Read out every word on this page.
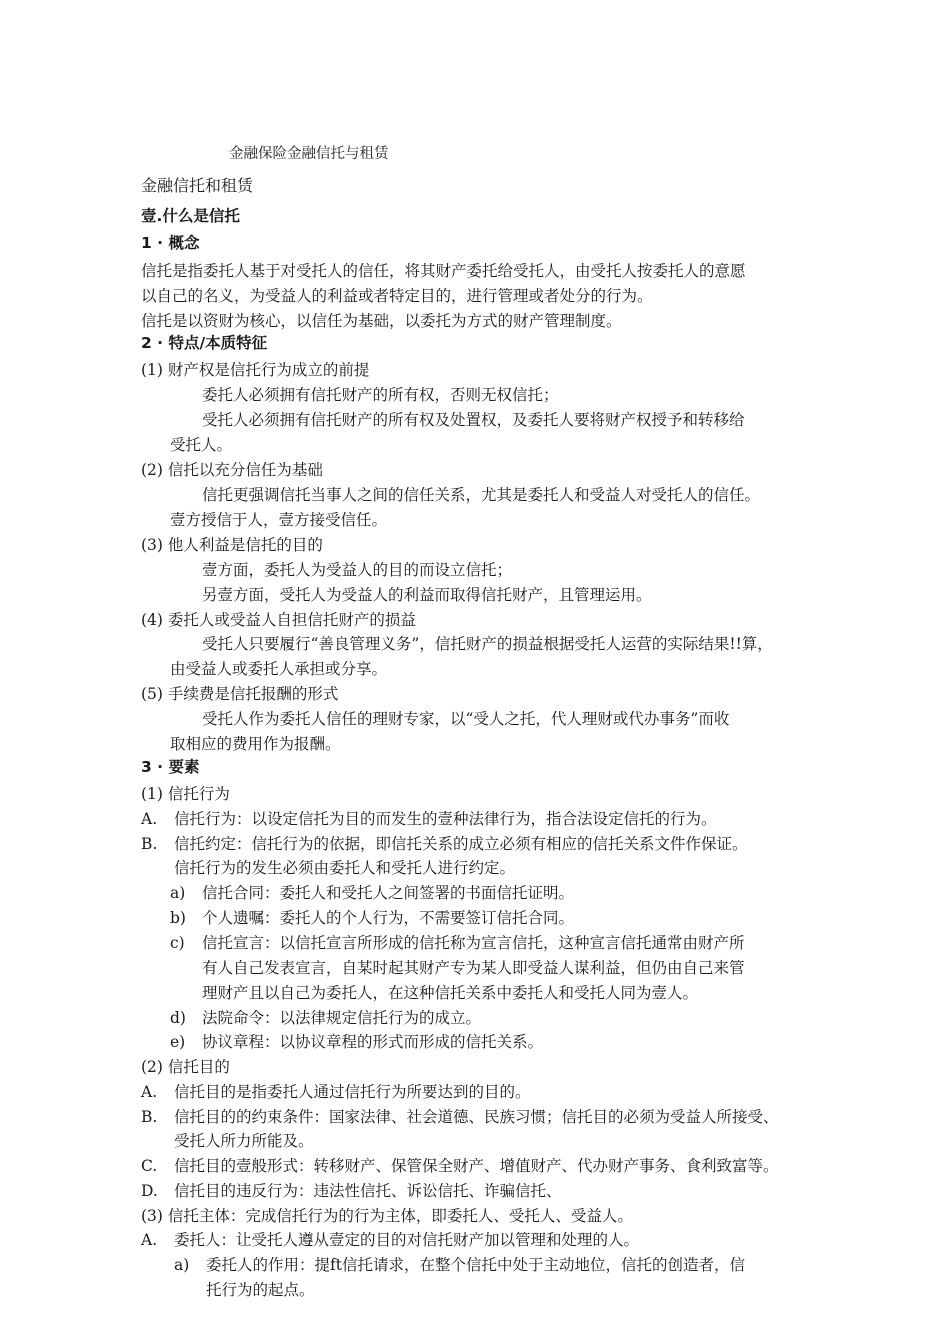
金融保险金融信托与租赁
金融信托和租赁
壹.什么是信托
1 · 概念
信托是指委托人基于对受托人的信任，将其财产委托给受托人，由受托人按委托人的意愿
以自己的名义，为受益人的利益或者特定目的，进行管理或者处分的行为。
信托是以资财为核心，以信任为基础，以委托为方式的财产管理制度。
2 · 特点/本质特征
(1) 财产权是信托行为成立的前提
委托人必须拥有信托财产的所有权，否则无权信托；
受托人必须拥有信托财产的所有权及处置权，及委托人要将财产权授予和转移给
受托人。
(2) 信托以充分信任为基础
信托更强调信托当事人之间的信任关系，尤其是委托人和受益人对受托人的信任。
壹方授信于人，壹方接受信任。
(3) 他人利益是信托的目的
壹方面，委托人为受益人的目的而设立信托；
另壹方面，受托人为受益人的利益而取得信托财产，且管理运用。
(4) 委托人或受益人自担信托财产的损益
受托人只要履行“善良管理义务”，信托财产的损益根据受托人运营的实际结果!!算，
由受益人或委托人承担或分享。
(5) 手续费是信托报酬的形式
受托人作为委托人信任的理财专家，以“受人之托，代人理财或代办事务”而收
取相应的费用作为报酬。
3 · 要素
(1) 信托行为
A. 信托行为：以设定信托为目的而发生的壹种法律行为，指合法设定信托的行为。
B. 信托约定：信托行为的依据，即信托关系的成立必须有相应的信托关系文件作保证。
信托行为的发生必须由委托人和受托人进行约定。
a) 信托合同：委托人和受托人之间签署的书面信托证明。
b) 个人遗嘱：委托人的个人行为，不需要签订信托合同。
c) 信托宣言：以信托宣言所形成的信托称为宣言信托，这种宣言信托通常由财产所
有人自己发表宣言，自某时起其财产专为某人即受益人谋利益，但仍由自己来管
理财产且以自己为委托人，在这种信托关系中委托人和受托人同为壹人。
d) 法院命令：以法律规定信托行为的成立。
e) 协议章程：以协议章程的形式而形成的信托关系。
(2) 信托目的
A. 信托目的是指委托人通过信托行为所要达到的目的。
B. 信托目的的约束条件：国家法律、社会道德、民族习惯；信托目的必须为受益人所接受、
受托人所力所能及。
C. 信托目的壹般形式：转移财产、保管保全财产、增值财产、代办财产事务、食利致富等。
D. 信托目的违反行为：违法性信托、诉讼信托、诈骗信托、
(3) 信托主体：完成信托行为的行为主体，即委托人、受托人、受益人。
A. 委托人：让受托人遵从壹定的目的对信托财产加以管理和处理的人。
a) 委托人的作用：提ft信托请求，在整个信托中处于主动地位，信托的创造者，信
托行为的起点。
